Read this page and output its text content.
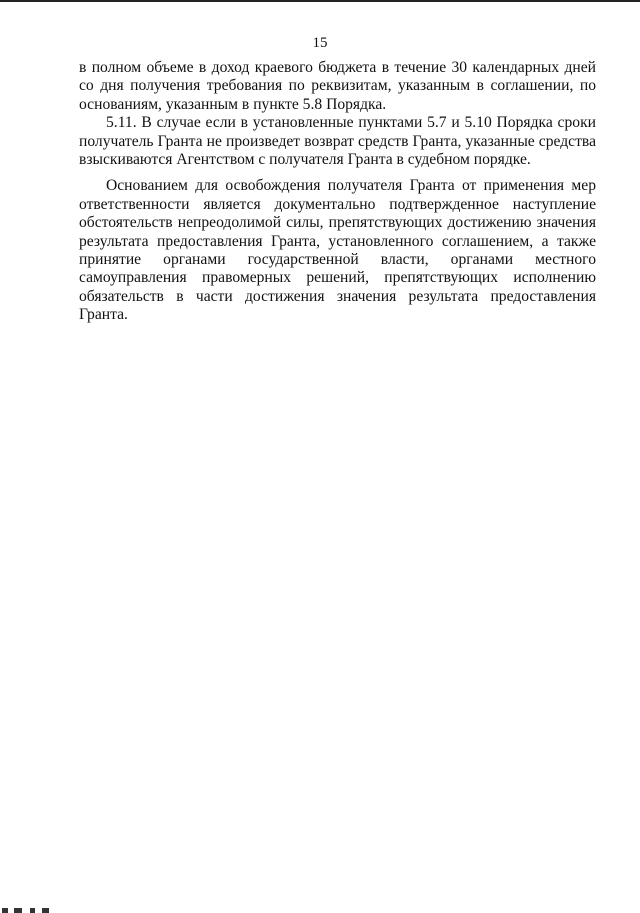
15

в полном объеме в доход краевого бюджета в течение 30 календарных дней со дня получения требования по реквизитам, указанным в соглашении, по основаниям, указанным в пункте 5.8 Порядка.

5.11. В случае если в установленные пунктами 5.7 и 5.10 Порядка сроки получатель Гранта не произведет возврат средств Гранта, указанные средства взыскиваются Агентством с получателя Гранта в судебном порядке.

Основанием для освобождения получателя Гранта от применения мер ответственности является документально подтвержденное наступление обстоятельств непреодолимой силы, препятствующих достижению значения результата предоставления Гранта, установленного соглашением, а также принятие органами государственной власти, органами местного самоуправления правомерных решений, препятствующих исполнению обязательств в части достижения значения результата предоставления Гранта.
